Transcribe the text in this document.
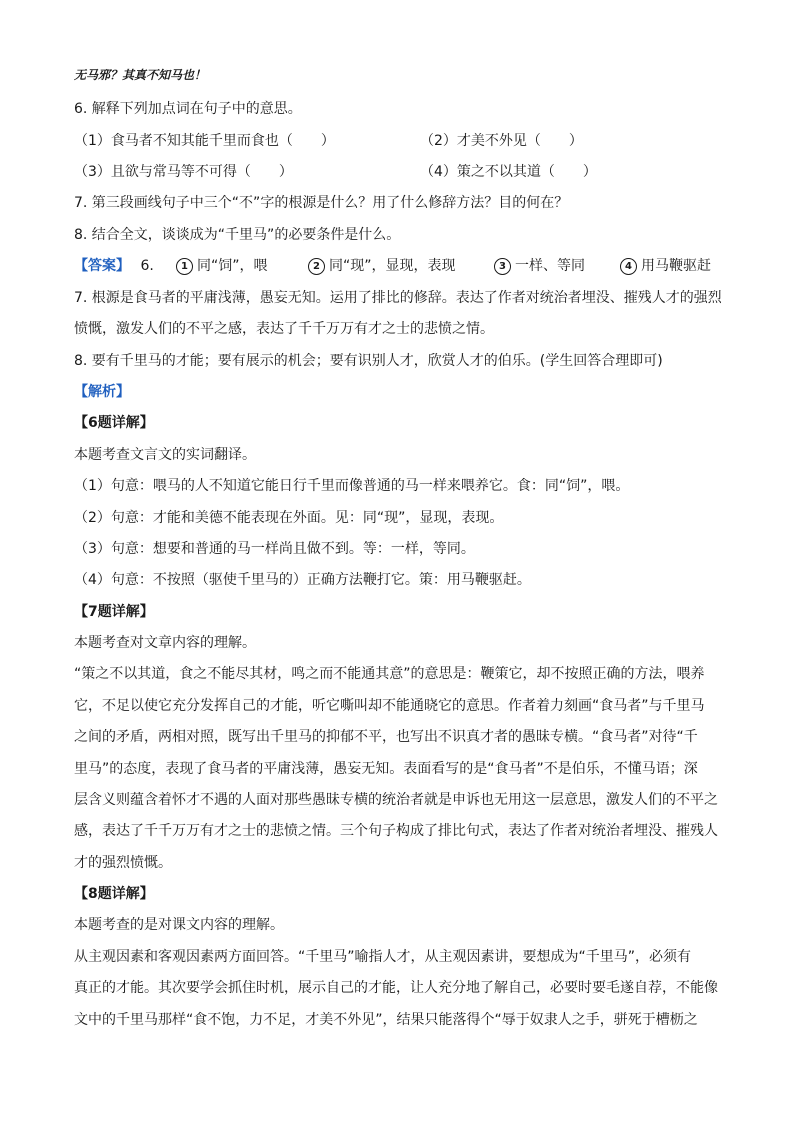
无马邪？其真不知马也！
6. 解释下列加点词在句子中的意思。
（1）食马者不知其能千里而食也（　　）	（2）才美不外见（　　）
（3）且欲与常马等不可得（　　）	（4）策之不以其道（　　）
7. 第三段画线句子中三个“不”字的根源是什么？用了什么修辞方法？目的何在？
8. 结合全文，谈谈成为“千里马”的必要条件是什么。
【答案】 6.	1 同“饲”，喂	2 同“现”，显现，表现	3 一样、等同	4 用马鞭驱赶
7. 根源是食马者的平庸浅薄，愚妄无知。运用了排比的修辞。表达了作者对统治者埋没、摧残人才的强烈
愤慨，激发人们的不平之感，表达了千千万万有才之士的悲愤之情。
8. 要有千里马的才能；要有展示的机会；要有识别人才，欣赏人才的伯乐。(学生回答合理即可)
【解析】
【6题详解】
本题考查文言文的实词翻译。
（1）句意：喂马的人不知道它能日行千里而像普通的马一样来喂养它。食：同“饲”，喂。
（2）句意：才能和美德不能表现在外面。见：同“现”，显现，表现。
（3）句意：想要和普通的马一样尚且做不到。等：一样，等同。
（4）句意：不按照（驱使千里马的）正确方法鞭打它。策：用马鞭驱赶。
【7题详解】
本题考查对文章内容的理解。
“策之不以其道，食之不能尽其材，鸣之而不能通其意”的意思是：鞭策它，却不按照正确的方法，喂养
它，不足以使它充分发挥自己的才能，听它嘶叫却不能通晓它的意思。作者着力刻画“食马者”与千里马
之间的矛盾，两相对照，既写出千里马的抑郁不平，也写出不识真才者的愚昧专横。“食马者”对待“千
里马”的态度，表现了食马者的平庸浅薄，愚妄无知。表面看写的是“食马者”不是伯乐，不懂马语；深
层含义则蕴含着怀才不遇的人面对那些愚昧专横的统治者就是申诉也无用这一层意思，激发人们的不平之
感，表达了千千万万有才之士的悲愤之情。三个句子构成了排比句式，表达了作者对统治者埋没、摧残人
才的强烈愤慨。
【8题详解】
本题考查的是对课文内容的理解。
从主观因素和客观因素两方面回答。“千里马”喻指人才，从主观因素讲，要想成为“千里马”，必须有
真正的才能。其次要学会抓住时机，展示自己的才能，让人充分地了解自己，必要时要毛遂自荐，不能像
文中的千里马那样“食不饱，力不足，才美不外见”，结果只能落得个“辱于奴隶人之手，骈死于槽枥之
